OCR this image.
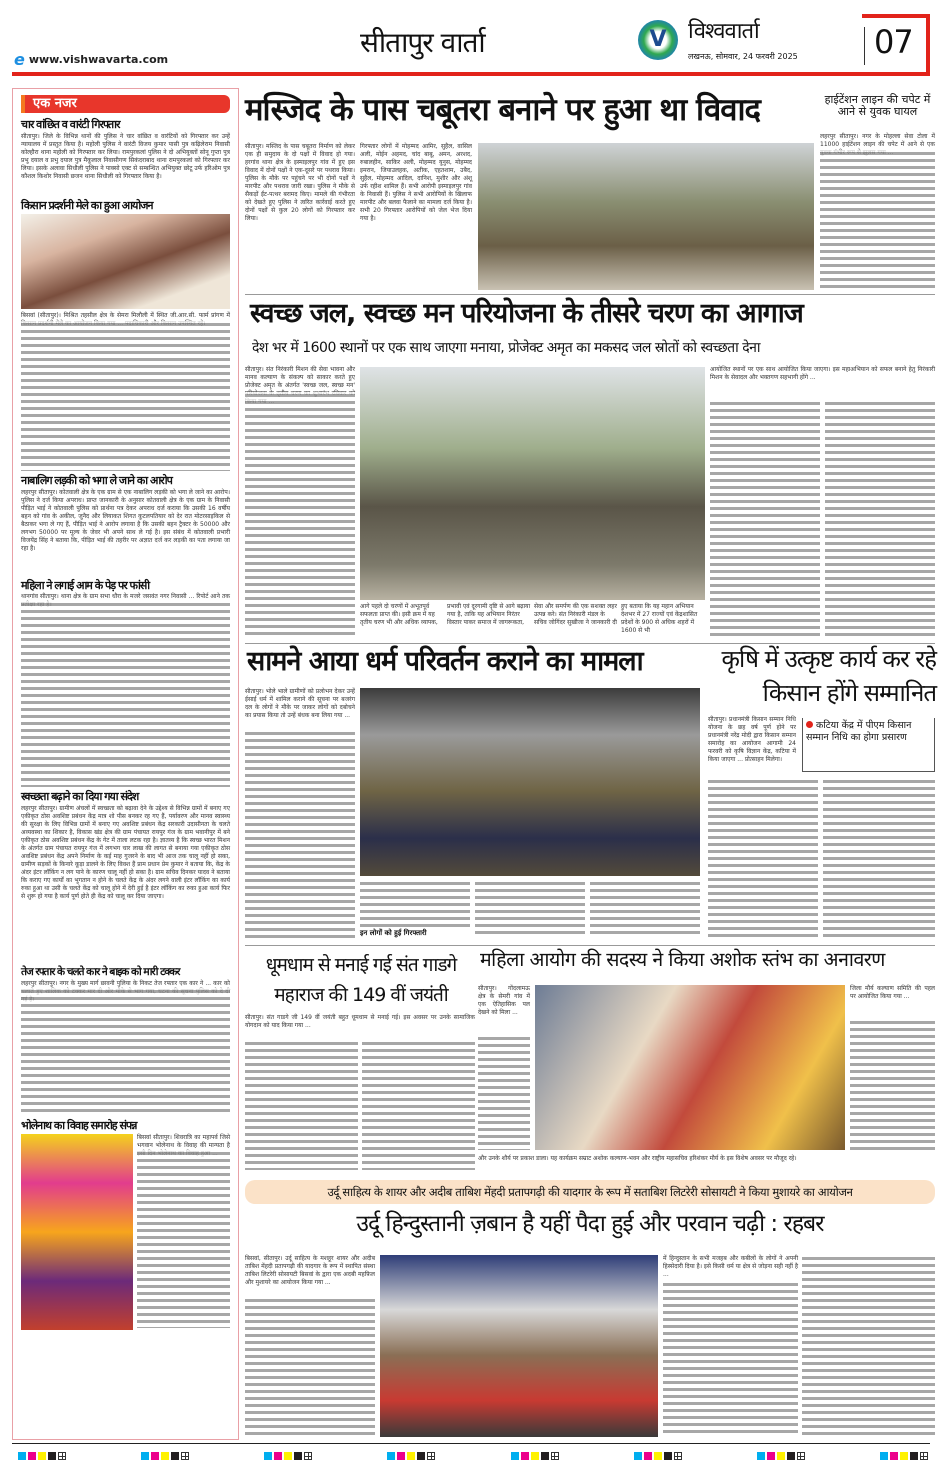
e www.vishwavarta.com
सीतापुर वार्ता	V विश्ववार्ता
लखनऊ, सोमवार, 24 फरवरी 2025 07
एक नजर
चार वांछित व वारंटी गिरफ्तार
सीतापुर। जिले के विभिन्न थानों की पुलिस ने चार वांछित व वारंटियों को गिरफ्तार कर उन्हें न्यायालय में प्रस्तुत किया है। महोली पुलिस ने वारंटी विजय कुमार पासी पुत्र कढ़िलेराम निवासी कोल्हौरा थाना महोली को गिरफ्तार कर लिया। रामपुरकलां पुलिस ने दो अभियुक्तों सोनू गुप्ता पुत्र प्रभु दयाल व प्रभु दयाल पुत्र मैकूलाल निवासीगण सिकंदराबाद थाना रामपुरकलां को गिरफ्तार कर लिया। इसके अलावा सिधौली पुलिस ने पाक्सो एक्ट से सम्बन्धित अभियुक्त छोटू उर्फ हरिओम पुत्र कौशल किशोर निवासी छजन थाना सिधौली को गिरफ्तार किया है।
किसान प्रदर्शनी मेले का हुआ आयोजन
बिसवां (सीतापुर)। मिश्रित तहसील क्षेत्र के सेमरा मिलौली में स्थित जी.आर.सी. फार्म प्रांगण में
नाबालिग लड़की को भगा ले जाने का आरोप
लहरपुर सीतापुर। कोतवाली क्षेत्र के एक ग्राम से एक नाबालिग लड़की को भगा ले जाने का आरोप। पुलिस ने दर्ज किया अपराध। प्राप्त जानकारी के अनुसार कोतवाली क्षेत्र के एक ग्राम के निवासी पीड़ित भाई ने कोतवाली पुलिस को प्रार्थना पत्र देकर अपराध दर्ज कराया कि उसकी 16 वर्षीय बहन को गांव के अकील, जुनैद और लियाकत शिगत कुटलपतियार को देर रात मोटरसाइकिल से बैठाकर भगा ले गए हैं, पीड़ित भाई ने आरोप लगाया है कि उसकी बहन ट्रैक्टर के 50000 और लगभग 50000 पर मूल्य के जेवर भी अपने साथ ले गई है। इस संबंध में कोतवाली प्रभारी विजयेंद्र सिंह ने बताया कि, पीड़ित भाई की तहरीर पर अज्ञात दर्ज कर लड़की का पता लगाया जा रहा है।
महिला ने लगाई आम के पेड़ पर फांसी
थानगांव सीतापुर। थाना क्षेत्र के ग्राम सभा धौरा के मजरे जसवंत नगर निवासी ... रिपोर्ट आने तक
स्वच्छता बढ़ाने का दिया गया संदेश
लहरपुर सीतापुर। ग्रामीण अंचलों में स्वच्छता को बढ़ावा देने के उद्देश्य से विभिन्न ग्रामों में बनाए गए एकीकृत ठोस अवशिष्ट प्रबंधन केंद्र मात्र शो पीस बनकर रह गए हैं, पर्यावरण और मानव स्वास्थ्य की सुरक्षा के लिए विभिन्न ग्रामों में बनाए गए अवशिष्ट प्रबंधन केंद्र सरकारी उदासीनता के चलते अव्यवस्था का शिकार है, विकास खंड क्षेत्र की ग्राम पंचायत रायपुर गंज के ग्राम भवानीपुर में बने एकीकृत ठोस अवशिष्ट प्रबंधन केंद्र के गेट में ताला लटक रहा है। ज्ञातव्य है कि स्वच्छ भारत मिशन के अंतर्गत ग्राम पंचायत रायपुर गंज में लगभग चार लाख की लागत से बनाया गया एकीकृत ठोस अवशिष्ट प्रबंधन केंद्र अपने निर्माण के कई माह गुजरने के बाद भी आज तक चालू नहीं हो सका, ग्रामीण सड़कों के किनारे कूड़ा डालने के लिए विवश हैं प्राम प्रधान प्रेम कुमार ने बताया कि, केंद्र के अंदर इंटर लॉकिंग न लग पाने के कारण चालू नहीं हो सका है। ग्राम सचिव दिनकर यादव ने बताया कि कराए गए कार्यों का भुगतान न होने के चलते केंद्र के अंदर लगने वाली इंटर लॉकिंग का कार्य रुका हुआ था उसी के चलते केंद्र को चालू होने में देरी हुई है इंटर लॉकिंग का रुका हुआ कार्य फिर से शुरू हो गया है कार्य पूर्ण होते ही केंद्र को चालू कर दिया जाएगा।
तेज रफ्तार के चलते कार ने बाइक को मारी टक्कर
लहरपुर सीतापुर। नगर के मुख्य मार्ग छावनी पुलिया के निकट तेज रफ्तार एक कार ने ... कार को
भोलेनाथ का विवाह समारोह संपन्न
बिसवां सीतापुर। शिवरात्रि का महापर्व जिसे भगवान भोलेनाथ के विवाह की मान्यता है
मस्जिद के पास चबूतरा बनाने पर हुआ था विवाद
सीतापुर। मस्जिद के पास चबूतरा निर्माण को लेकर एक ही समुदाय के दो पक्षों में विवाद हो गया। हरगांव थाना क्षेत्र के इस्माइलपुर गांव में हुए इस विवाद में दोनों पक्षों ने एक-दूसरे पर पथराव किया। पुलिस के मौके पर पहुंचने पर भी दोनों पक्षों ने मारपीट और पथराव जारी रखा। पुलिस ने मौके से सैकड़ों ईंट-पत्थर बरामद किए। मामले की गंभीरता को देखते हुए पुलिस ने त्वरित कार्रवाई करते हुए दोनों पक्षों से कुल 20 लोगों को गिरफ्तार कर लिया।
गिरफ्तार लोगों में मोहम्मद आमिर, सुहैल, वासिल अली, मोईन अहमद, चांद बाबू, अमन, अरशद, रुबालहीन, साकिर अली, मोहम्मद युनुस, मोहम्मद इमरान, जियाउलहक, अतीक, एहतशाम, उबैद, सुहैल, मोहम्मद आदिल, दानिश, मुशीर और अंशू उर्फ रहीश शामिल हैं। सभी आरोपी इस्माइलपुर गांव के निवासी हैं। पुलिस ने सभी आरोपियों के खिलाफ मारपीट और बलवा फैलाने का मामला दर्ज किया है। सभी 20 गिरफ्तार आरोपियों को जेल भेज दिया गया है।
हाईटेंशन लाइन की चपेट में आने से युवक घायल
लहरपुर सीतापुर। नगर के मोहल्ला सेवा टोला में 11000 हाईटेंशन लाइन की चपेट में आने से एक
स्वच्छ जल, स्वच्छ मन परियोजना के तीसरे चरण का आगाज
देश भर में 1600 स्थानों पर एक साथ जाएगा मनाया, प्रोजेक्ट अमृत का मकसद जल स्रोतों को स्वच्छता देना
सीतापुर। संत निरंकारी मिशन की सेवा भावना और मानव कल्याण के संकल्प को साकार करते हुए प्रोजेक्ट अमृत के अंतर्गत 'स्वच्छ जल, स्वच्छ मन'
आगे पहले दो चरणों में अभूतपूर्व सफलता प्राप्त की। इसी क्रम में यह तृतीय चरण भी और अधिक व्यापक,
प्रभावी एवं दूरगामी दृष्टि से आगे बढ़ाया गया है, ताकि यह अभियान निरंतर विस्तार पाकर समाज में जागरूकता,
सेवा और समर्पण की एक सशक्त लहर उत्पन्न करे। संत निरंकारी मंडल के सचिव जोगिंदर सुखीजा ने जानकारी दी
हुए बताया कि यह महान अभियान देशभर में 27 राज्यों एवं केंद्रशासित प्रदेशों के 900 से अधिक शहरों में 1600 से भी
आयोजित स्थानों पर एक साथ आयोजित किया जाएगा। इस महाअभियान को सफल बनाने हेतु निरंकारी मिशन के सेवादल और भक्तगण सहभागी होंगे ...
सामने आया धर्म परिवर्तन कराने का मामला
सीतापुर। भोले भाले ग्रामीणों को प्रलोभन देकर उन्हें ईसाई धर्म में शामिल कराने की सूचना पर बजरंग दल के लोगों ने मौके पर जाकर लोगों को दबोचने का प्रयास किया तो उन्हें बंधक बना लिया गया ...
इन लोगों को हुई गिरफ्तारी
कृषि में उत्कृष्ट कार्य कर रहे किसान होंगे सम्मानित
सीतापुर। प्रधानमंत्री किसान सम्मान निधि योजना के छह वर्ष पूर्ण होने पर प्रधानमंत्री नरेंद्र मोदी द्वारा किसान सम्मान समारोह का आयोजन आगामी 24 फरवरी को कृषि विज्ञान केंद्र, कटिया में किया जाएगा ... प्रोत्साहन मिलेगा।
कटिया केंद्र में पीएम किसान सम्मान निधि का होगा प्रसारण
धूमधाम से मनाई गई संत गाडगे महाराज की 149 वीं जयंती
सीतापुर। संत गाडगे जी 149 वीं जयंती बहुत धूमधाम से मनाई गई। इस अवसर पर उनके सामाजिक योगदान को याद किया गया ...
महिला आयोग की सदस्य ने किया अशोक स्तंभ का अनावरण
सीतापुर। गोंदलामऊ क्षेत्र के सेमरी गांव में एक ऐतिहासिक पल देखने को मिला ...
जिला मौर्य कल्याण समिति की पहल पर आयोजित किया गया ...
और उनके शौर्य पर प्रकाश डाला। यह कार्यक्रम सम्राट अशोक कल्याण-भवन और राष्ट्रीय महासचिव हरिशंकर मौर्य के इस विशेष अवसर पर मौजूद रहे।
उर्दू साहित्य के शायर और अदीब ताबिश मेंहदी प्रतापगढ़ी की यादगार के रूप में सताबिश लिटरेरी सोसायटी ने किया मुशायरे का आयोजन
उर्दू हिन्दुस्तानी ज़बान है यहीं पैदा हुई और परवान चढ़ी : रहबर
बिसवां, सीतापुर। उर्दू साहित्य के मशहूर शायर और अदीब ताबिश मेंहदी प्रतापगढ़ी की यादगार के रूप में स्थापित संस्था ताबिश लिटरेरी सोसायटी बिसवां के द्वारा एक अदबी महफ़िल और मुशायरे का आयोजन किया गया ...
में हिन्दुस्तान के सभी मजहब और कबीलों के लोगों ने अपनी हिस्सेदारी दिया है। इसे किसी धर्म या क्षेत्र से जोड़ना सही नहीं है ...
